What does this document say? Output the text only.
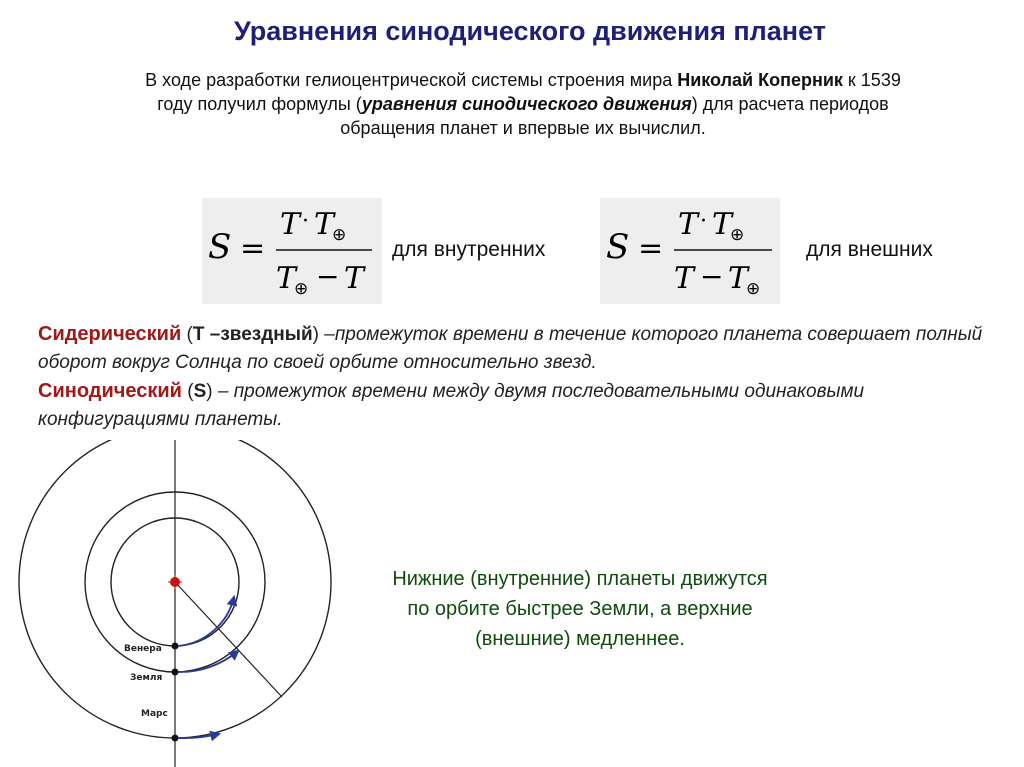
Уравнения синодического движения планет
В ходе разработки гелиоцентрической системы строения мира Николай Коперник к 1539 году получил формулы (уравнения синодического движения) для расчета периодов обращения планет и впервые их вычислил.
S =
T · T
⊕
T
⊕ − T
для внутренних S =
T · T
⊕
T − T
⊕
для внешних
Сидерический (Т –звездный) –промежуток времени в течение которого планета совершает полный оборот вокруг Солнца по своей орбите относительно звезд.
Синодический (S) – промежуток времени между двумя последовательными одинаковыми конфигурациями планеты.
Венера
Земля
Марс
Нижние (внутренние) планеты движутся по орбите быстрее Земли, а верхние (внешние) медленнее.
